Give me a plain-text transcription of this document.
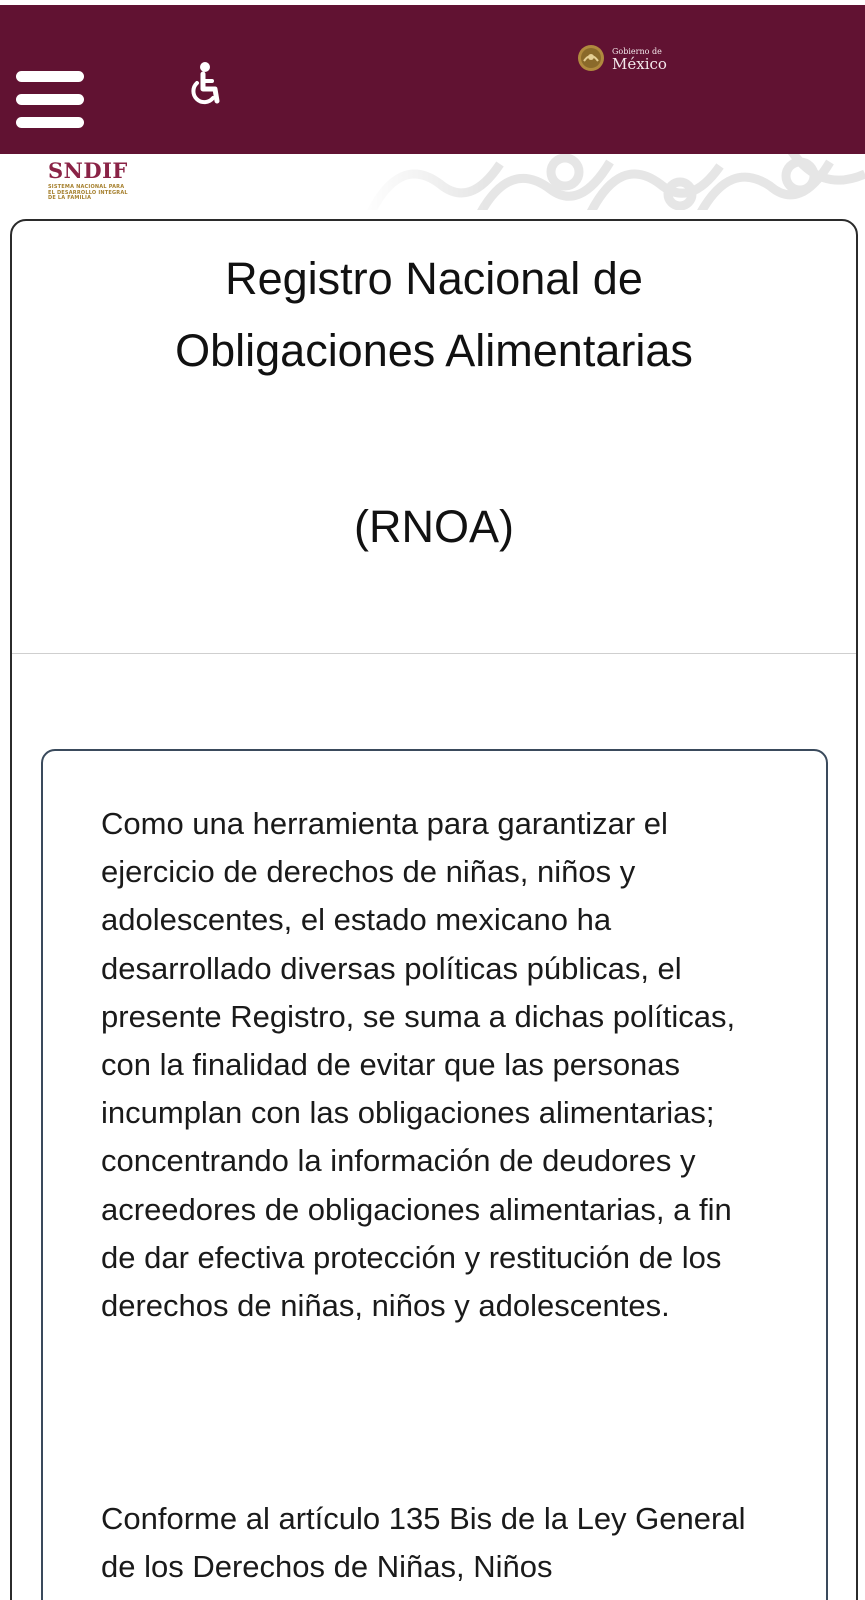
Gobierno de
México
SNDIF
SISTEMA NACIONAL PARA
EL DESARROLLO INTEGRAL
DE LA FAMILIA
Registro Nacional de
Obligaciones Alimentarias
(RNOA)

Como una herramienta para garantizar el ejercicio de derechos de niñas, niños y adolescentes, el estado mexicano ha desarrollado diversas políticas públicas, el presente Registro, se suma a dichas políticas, con la finalidad de evitar que las personas incumplan con las obligaciones alimentarias; concentrando la información de deudores y acreedores de obligaciones alimentarias, a fin de dar efectiva protección y restitución de los derechos de niñas, niños y adolescentes.

Conforme al artículo 135 Bis de la Ley General de los Derechos de Niñas, Niños
